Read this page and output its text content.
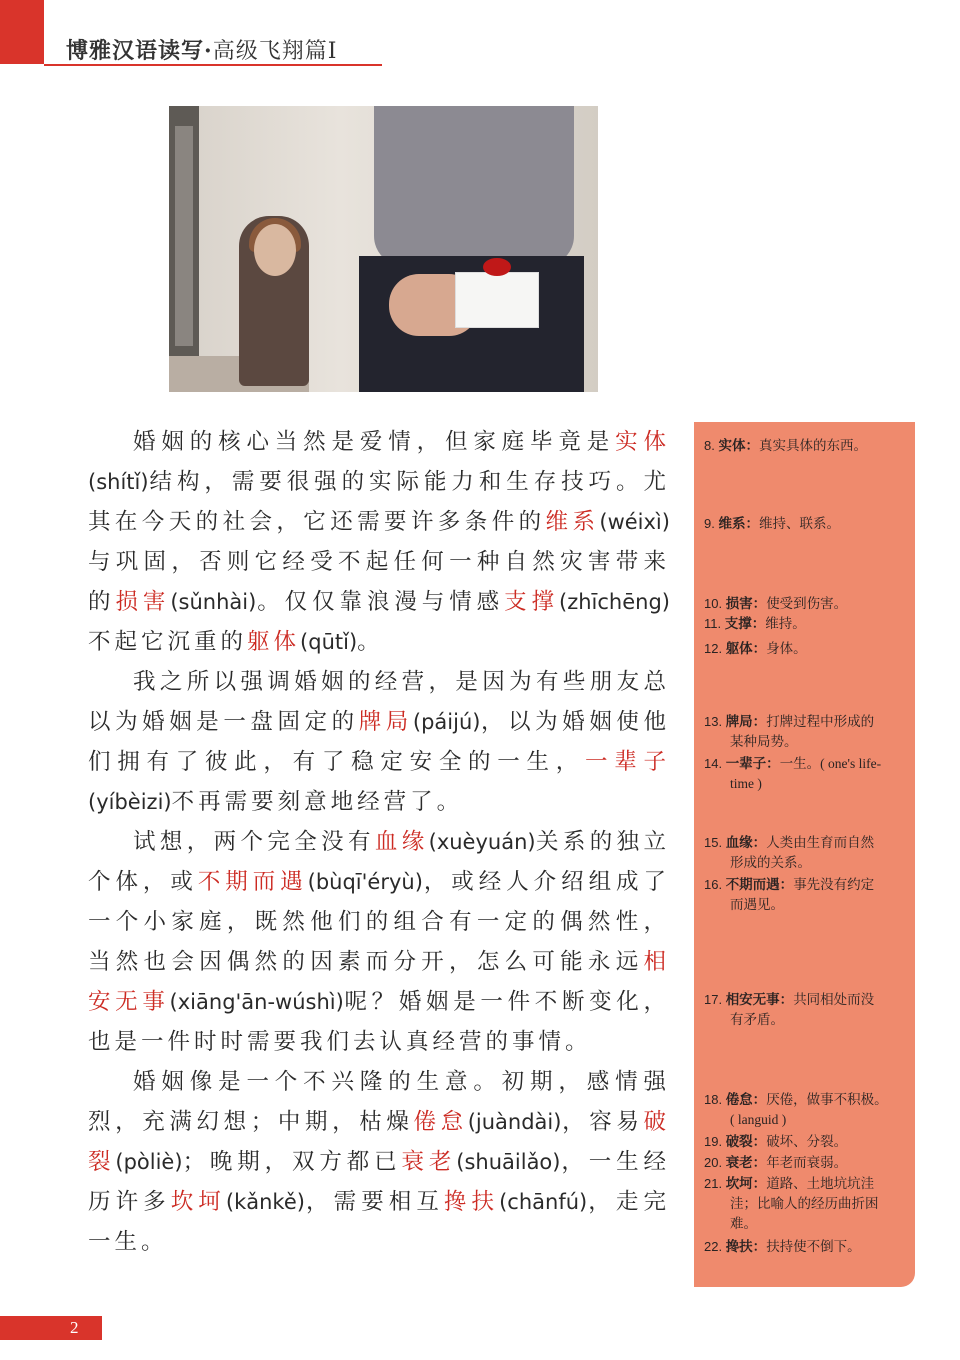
博雅汉语读写·高级飞翔篇Ⅰ

婚姻的核心当然是爱情，但家庭毕竟是实体(shítǐ)结构，需要很强的实际能力和生存技巧。尤其在今天的社会，它还需要许多条件的维系(wéixì)与巩固，否则它经受不起任何一种自然灾害带来的损害(sǔnhài)。仅仅靠浪漫与情感支撑(zhīchēng)不起它沉重的躯体(qūtǐ)。

我之所以强调婚姻的经营，是因为有些朋友总以为婚姻是一盘固定的牌局(páijú)，以为婚姻使他们拥有了彼此，有了稳定安全的一生，一辈子(yíbèizi)不再需要刻意地经营了。

试想，两个完全没有血缘(xuèyuán)关系的独立个体，或不期而遇(bùqī'éryù)，或经人介绍组成了一个小家庭，既然他们的组合有一定的偶然性，当然也会因偶然的因素而分开，怎么可能永远相安无事(xiāng'ān-wúshì)呢？婚姻是一件不断变化，也是一件时时需要我们去认真经营的事情。

婚姻像是一个不兴隆的生意。初期，感情强烈，充满幻想；中期，枯燥倦怠(juàndài)，容易破裂(pòliè)；晚期，双方都已衰老(shuāilǎo)，一生经历许多坎坷(kǎnkě)，需要相互搀扶(chānfú)，走完一生。

8. 实体：真实具体的东西。
9. 维系：维持、联系。
10. 损害：使受到伤害。
11. 支撑：维持。
12. 躯体：身体。
13. 牌局：打牌过程中形成的
某种局势。
14. 一辈子：一生。( one's life-
time )
15. 血缘：人类由生育而自然
形成的关系。
16. 不期而遇：事先没有约定
而遇见。
17. 相安无事：共同相处而没
有矛盾。
18. 倦怠：厌倦，做事不积极。
( languid )
19. 破裂：破坏、分裂。
20. 衰老：年老而衰弱。
21. 坎坷：道路、土地坑坑洼
洼；比喻人的经历曲折困
难。
22. 搀扶：扶持使不倒下。
2
